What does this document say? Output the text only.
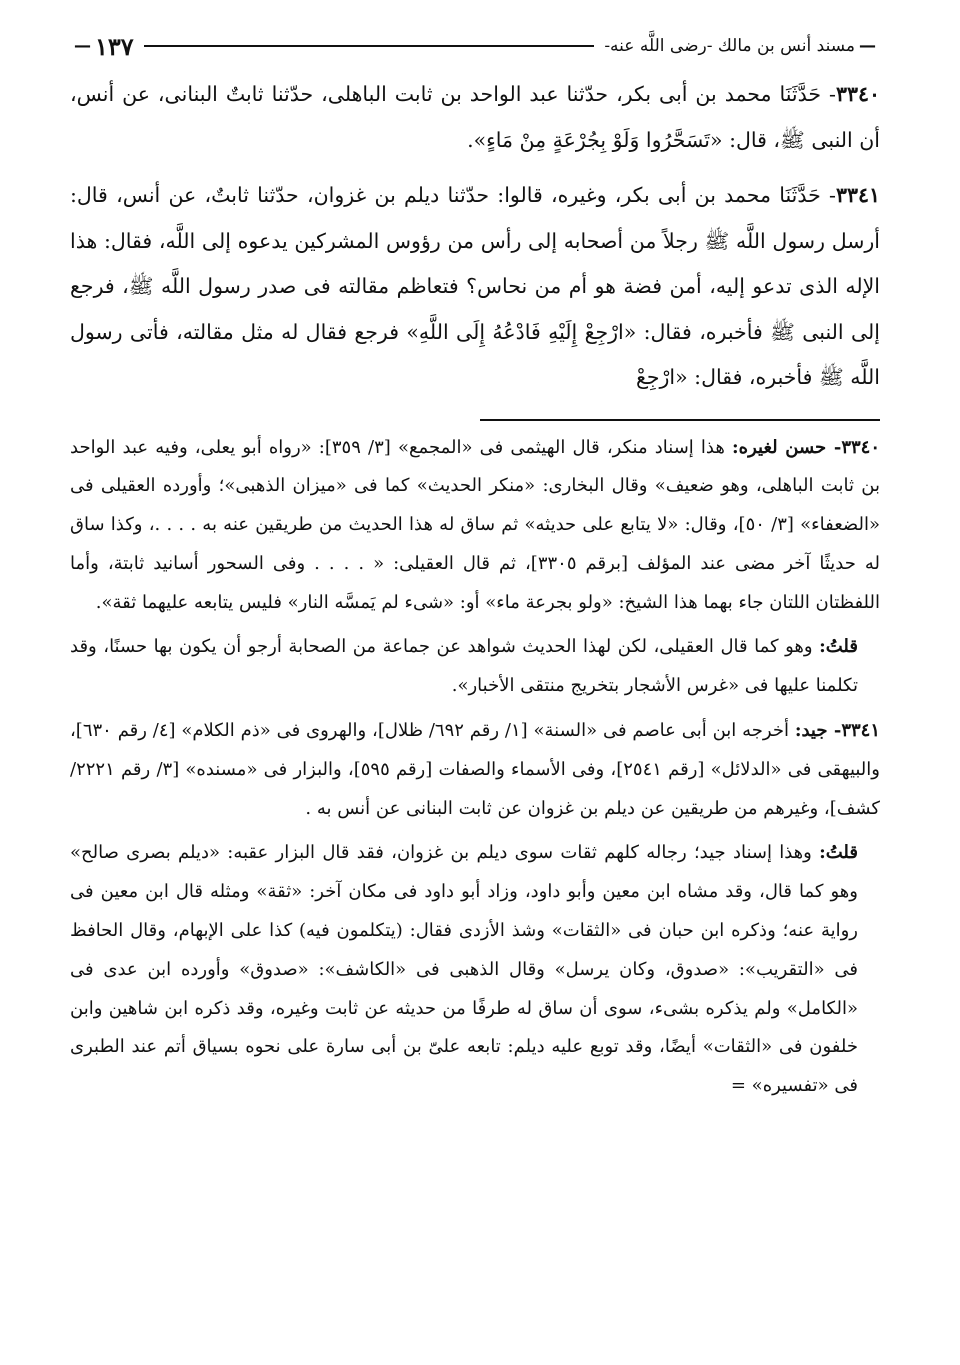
—
مسند أنس بن مالك -رضى اللَّه عنه-
١٣٧
—

٣٣٤٠- حَدَّثَنَا محمد بن أبى بكر، حدّثنا عبد الواحد بن ثابت الباهلى، حدّثنا ثابتٌ البنانى، عن أنس، أن النبى ﷺ، قال: «تَسَحَّرُوا وَلَوْ بِجُرْعَةٍ مِنْ مَاءٍ».

٣٣٤١- حَدَّثَنَا محمد بن أبى بكر، وغيره، قالوا: حدّثنا ديلم بن غزوان، حدّثنا ثابتٌ، عن أنس، قال: أرسل رسول اللَّه ﷺ رجلاً من أصحابه إلى رأس من رؤوس المشركين يدعوه إلى اللَّه، فقال: هذا الإله الذى تدعو إليه، أمن فضة هو أم من نحاس؟ فتعاظم مقالته فى صدر رسول اللَّه ﷺ، فرجع إلى النبى ﷺ فأخبره، فقال: «ارْجِعْ إِلَيْهِ فَادْعُهُ إِلَى اللَّهِ» فرجع فقال له مثل مقالته، فأتى رسول اللَّه ﷺ فأخبره، فقال: «ارْجِعْ

٣٣٤٠- حسن لغيره: هذا إسناد منكر، قال الهيثمى فى «المجمع» [٣/ ٣٥٩]: «رواه أبو يعلى، وفيه عبد الواحد بن ثابت الباهلى، وهو ضعيف» وقال البخارى: «منكر الحديث» كما فى «ميزان الذهبى»؛ وأورده العقيلى فى «الضعفاء» [٣/ ٥٠]، وقال: «لا يتابع على حديثه» ثم ساق له هذا الحديث من طريقين عنه به . . . .، وكذا ساق له حديثًا آخر مضى عند المؤلف [برقم ٣٣٠٥]، ثم قال العقيلى: « . . . . وفى السحور أسانيد ثابتة، وأما اللفظتان اللتان جاء بهما هذا الشيخ: «ولو بجرعة ماء» أو: «شىء لم يَمسَّه النار» فليس يتابعه عليهما ثقة».

قلتُ: وهو كما قال العقيلى، لكن لهذا الحديث شواهد عن جماعة من الصحابة أرجو أن يكون بها حسنًا، وقد تكلمنا عليها فى «غرس الأشجار بتخريج منتقى الأخبار».

٣٣٤١- جيد: أخرجه ابن أبى عاصم فى «السنة» [١/ رقم ٦٩٢/ ظلال]، والهروى فى «ذم الكلام» [٤/ رقم ٦٣٠]، والبيهقى فى «الدلائل» [رقم ٢٥٤١]، وفى الأسماء والصفات [رقم ٥٩٥]، والبزار فى «مسنده» [٣/ رقم ٢٢٢١/ كشف]، وغيرهم من طريقين عن ديلم بن غزوان عن ثابت البنانى عن أنس به .

قلتُ: وهذا إسناد جيد؛ رجاله كلهم ثقات سوى ديلم بن غزوان، فقد قال البزار عقبه: «ديلم بصرى صالح» وهو كما قال، وقد مشاه ابن معين وأبو داود، وزاد أبو داود فى مكان آخر: «ثقة» ومثله قال ابن معين فى رواية عنه؛ وذكره ابن حبان فى «الثقات» وشذ الأزدى فقال: (يتكلمون فيه) كذا على الإبهام، وقال الحافظ فى «التقريب»: «صدوق، وكان يرسل» وقال الذهبى فى «الكاشف»: «صدوق» وأورده ابن عدى فى «الكامل» ولم يذكره بشىء، سوى أن ساق له طرفًا من حديثه عن ثابت وغيره، وقد ذكره ابن شاهين وابن خلفون فى «الثقات» أيضًا، وقد توبع عليه ديلم: تابعه علىّ بن أبى سارة على نحوه بسياق أتم عند الطبرى فى «تفسيره» =
